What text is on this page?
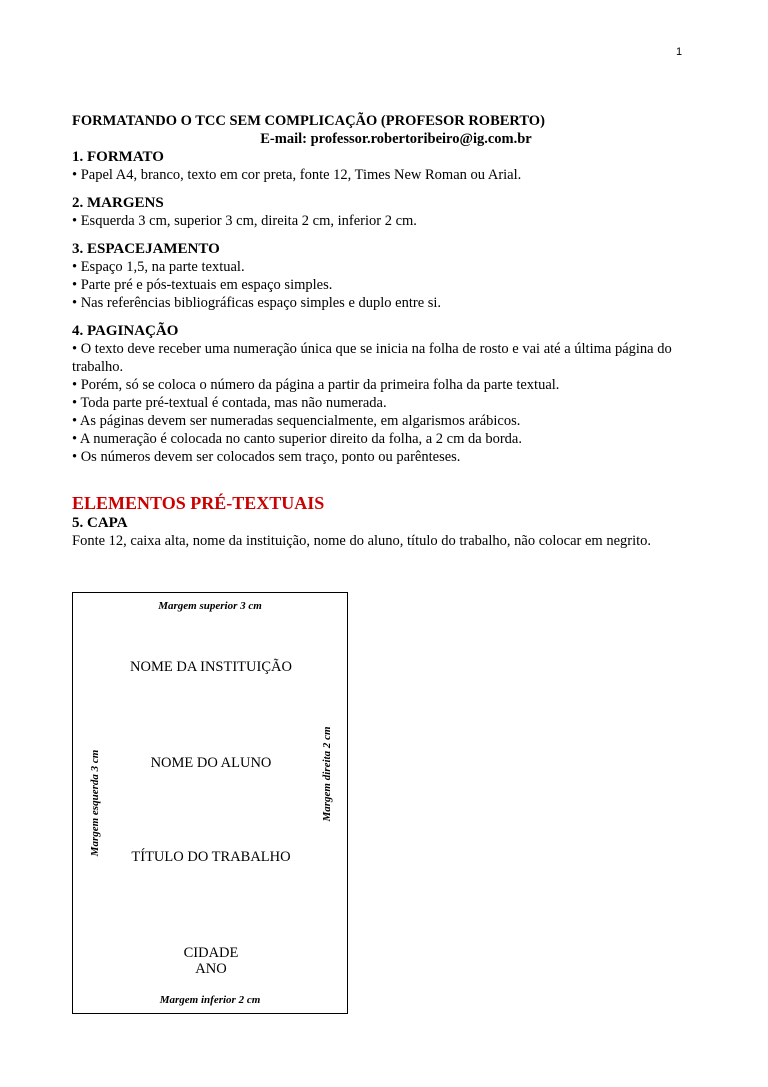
1
FORMATANDO O TCC SEM COMPLICAÇÃO (PROFESOR ROBERTO)
E-mail: professor.robertoribeiro@ig.com.br
1. FORMATO
• Papel A4, branco, texto em cor preta, fonte 12, Times New Roman ou Arial.
2. MARGENS
• Esquerda 3 cm, superior 3 cm, direita 2 cm, inferior 2 cm.
3. ESPACEJAMENTO
• Espaço 1,5, na parte textual.
• Parte pré e pós-textuais em espaço simples.
• Nas referências bibliográficas espaço simples e duplo entre si.
4. PAGINAÇÃO
• O texto deve receber uma numeração única que se inicia na folha de rosto e vai até a última página do trabalho.
• Porém, só se coloca o número da página a partir da primeira folha da parte textual.
• Toda parte pré-textual é contada, mas não numerada.
• As páginas devem ser numeradas sequencialmente, em algarismos arábicos.
• A numeração é colocada no canto superior direito da folha, a 2 cm da borda.
• Os números devem ser colocados sem traço, ponto ou parênteses.
ELEMENTOS PRÉ-TEXTUAIS
5. CAPA
Fonte 12, caixa alta, nome da instituição, nome do aluno, título do trabalho, não colocar em negrito.
Margem superior 3 cm
Margem esquerda 3 cm	Margem direita 2 cm
NOME DA INSTITUIÇÃO
NOME DO ALUNO
TÍTULO DO TRABALHO
CIDADE
ANO
Margem inferior 2 cm
